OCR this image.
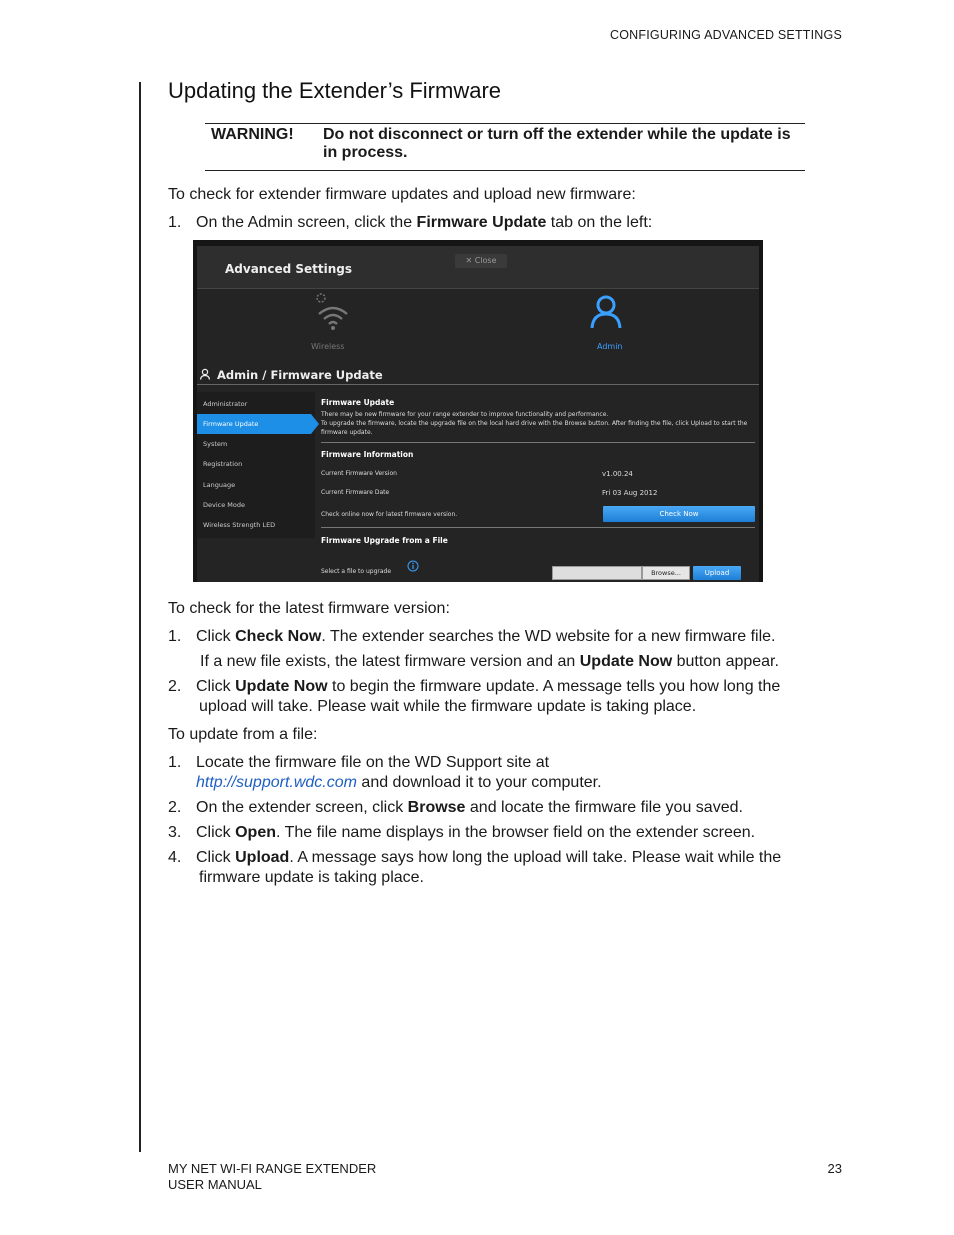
CONFIGURING ADVANCED SETTINGS
Updating the Extender’s Firmware
WARNING! Do not disconnect or turn off the extender while the update is in process.

To check for extender firmware updates and upload new firmware:

1. On the Admin screen, click the Firmware Update tab on the left:
Advanced Settings
✕ Close
Wireless	Admin
Admin / Firmware Update
Administrator
Firmware Update
System
Registration
Language
Device Mode
Wireless Strength LED
Firmware Update
There may be new firmware for your range extender to improve functionality and performance.
To upgrade the firmware, locate the upgrade file on the local hard drive with the Browse button. After finding the file, click Upload to start the firmware update.
Firmware Information
Current Firmware Version	v1.00.24
Current Firmware Date	Fri 03 Aug 2012
Check online now for latest firmware version.	Check Now
Firmware Upgrade from a File
Select a file to upgrade	Browse...	Upload

To check for the latest firmware version:

1. Click Check Now. The extender searches the WD website for a new firmware file.
If a new file exists, the latest firmware version and an Update Now button appear.
2. Click Update Now to begin the firmware update. A message tells you how long the
upload will take. Please wait while the firmware update is taking place.

To update from a file:

1. Locate the firmware file on the WD Support site at
http://support.wdc.com and download it to your computer.
2. On the extender screen, click Browse and locate the firmware file you saved.
3. Click Open. The file name displays in the browser field on the extender screen.
4. Click Upload. A message says how long the upload will take. Please wait while the
firmware update is taking place.
MY NET WI-FI RANGE EXTENDER
USER MANUAL
23
